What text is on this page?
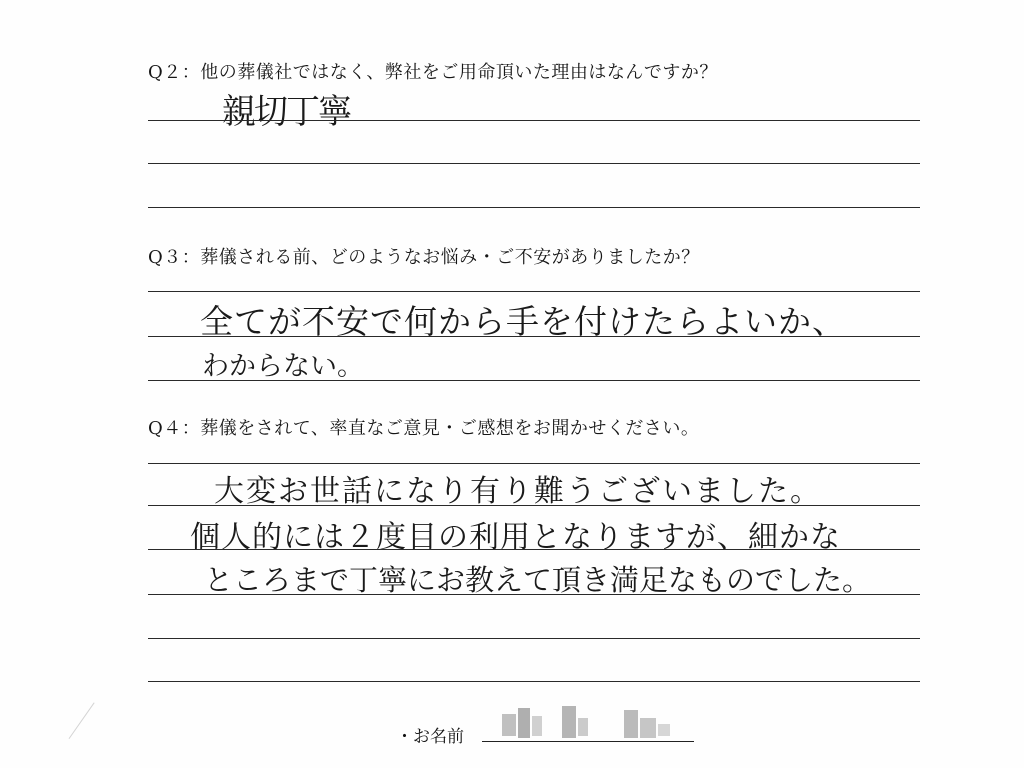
Q２：他の葬儀社ではなく、弊社をご用命頂いた理由はなんですか？
親切丁寧
Q３：葬儀される前、どのようなお悩み・ご不安がありましたか？
全てが不安で何から手を付けたらよいか、
わからない。
Q４：葬儀をされて、率直なご意見・ご感想をお聞かせください。
大変お世話になり有り難うございました。
個人的には２度目の利用となりますが、細かな
ところまで丁寧にお教えて頂き満足なものでした。
・お名前
